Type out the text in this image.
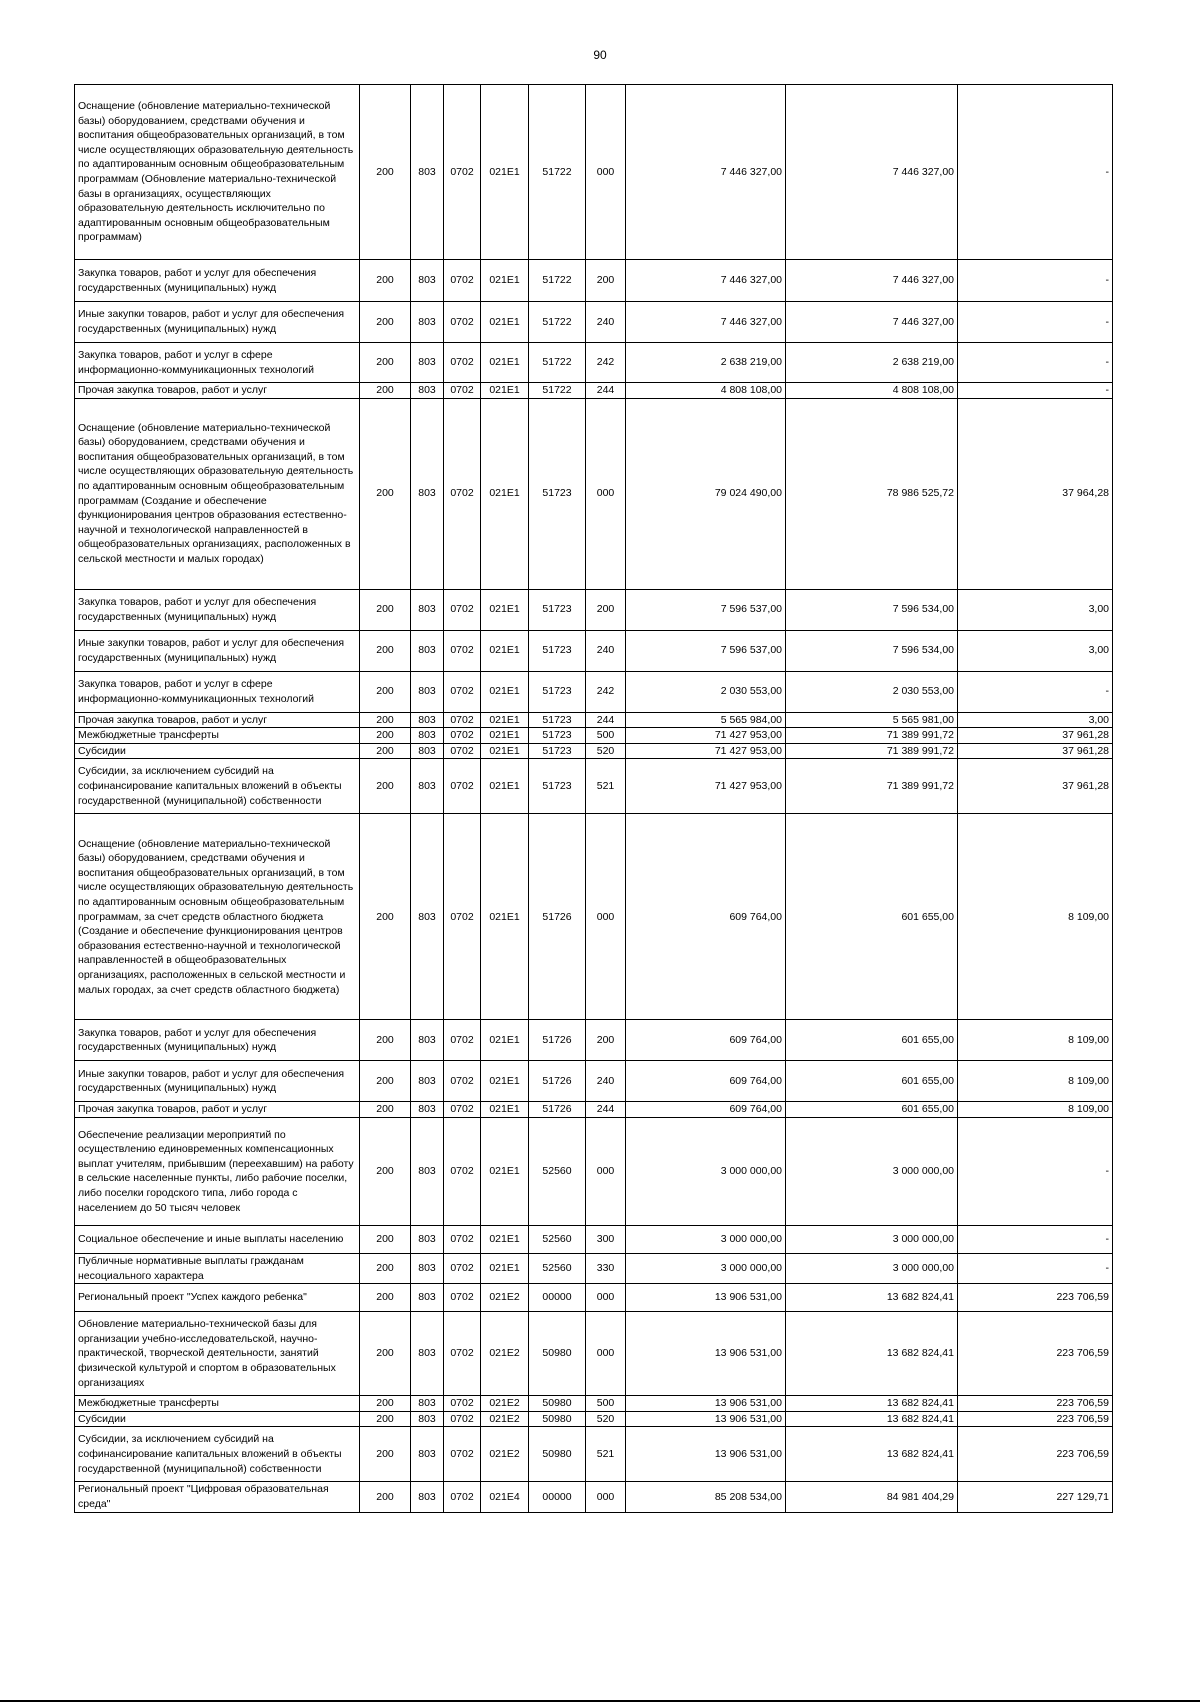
90
Оснащение (обновление материально-технической базы) оборудованием, средствами обучения и воспитания общеобразовательных организаций, в том числе осуществляющих образовательную деятельность по адаптированным основным общеобразовательным программам (Обновление материально-технической базы в организациях, осуществляющих образовательную деятельность исключительно по адаптированным основным общеобразовательным программам)	200	803	0702	021E1	51722	000	7 446 327,00	7 446 327,00	-
Закупка товаров, работ и услуг для обеспечения государственных (муниципальных) нужд	200	803	0702	021E1	51722	200	7 446 327,00	7 446 327,00	-
Иные закупки товаров, работ и услуг для обеспечения государственных (муниципальных) нужд	200	803	0702	021E1	51722	240	7 446 327,00	7 446 327,00	-
Закупка товаров, работ и услуг в сфере информационно-коммуникационных технологий	200	803	0702	021E1	51722	242	2 638 219,00	2 638 219,00	-
Прочая закупка товаров, работ и услуг	200	803	0702	021E1	51722	244	4 808 108,00	4 808 108,00	-
Оснащение (обновление материально-технической базы) оборудованием, средствами обучения и воспитания общеобразовательных организаций, в том числе осуществляющих образовательную деятельность по адаптированным основным общеобразовательным программам (Создание и обеспечение функционирования центров образования естественно-научной и технологической направленностей в общеобразовательных организациях, расположенных в сельской местности и малых городах)	200	803	0702	021E1	51723	000	79 024 490,00	78 986 525,72	37 964,28
Закупка товаров, работ и услуг для обеспечения государственных (муниципальных) нужд	200	803	0702	021E1	51723	200	7 596 537,00	7 596 534,00	3,00
Иные закупки товаров, работ и услуг для обеспечения государственных (муниципальных) нужд	200	803	0702	021E1	51723	240	7 596 537,00	7 596 534,00	3,00
Закупка товаров, работ и услуг в сфере информационно-коммуникационных технологий	200	803	0702	021E1	51723	242	2 030 553,00	2 030 553,00	-
Прочая закупка товаров, работ и услуг	200	803	0702	021E1	51723	244	5 565 984,00	5 565 981,00	3,00
Межбюджетные трансферты	200	803	0702	021E1	51723	500	71 427 953,00	71 389 991,72	37 961,28
Субсидии	200	803	0702	021E1	51723	520	71 427 953,00	71 389 991,72	37 961,28
Субсидии, за исключением субсидий на софинансирование капитальных вложений в объекты государственной (муниципальной) собственности	200	803	0702	021E1	51723	521	71 427 953,00	71 389 991,72	37 961,28
Оснащение (обновление материально-технической базы) оборудованием, средствами обучения и воспитания общеобразовательных организаций, в том числе осуществляющих образовательную деятельность по адаптированным основным общеобразовательным программам, за счет средств областного бюджета (Создание и обеспечение функционирования центров образования естественно-научной и технологической направленностей в общеобразовательных организациях, расположенных в сельской местности и малых городах, за счет средств областного бюджета)	200	803	0702	021E1	51726	000	609 764,00	601 655,00	8 109,00
Закупка товаров, работ и услуг для обеспечения государственных (муниципальных) нужд	200	803	0702	021E1	51726	200	609 764,00	601 655,00	8 109,00
Иные закупки товаров, работ и услуг для обеспечения государственных (муниципальных) нужд	200	803	0702	021E1	51726	240	609 764,00	601 655,00	8 109,00
Прочая закупка товаров, работ и услуг	200	803	0702	021E1	51726	244	609 764,00	601 655,00	8 109,00
Обеспечение реализации мероприятий по осуществлению единовременных компенсационных выплат учителям, прибывшим (переехавшим) на работу в сельские населенные пункты, либо рабочие поселки, либо поселки городского типа, либо города с населением до 50 тысяч человек	200	803	0702	021E1	52560	000	3 000 000,00	3 000 000,00	-
Социальное обеспечение и иные выплаты населению	200	803	0702	021E1	52560	300	3 000 000,00	3 000 000,00	-
Публичные нормативные выплаты гражданам несоциального характера	200	803	0702	021E1	52560	330	3 000 000,00	3 000 000,00	-
Региональный проект "Успех каждого ребенка"	200	803	0702	021E2	00000	000	13 906 531,00	13 682 824,41	223 706,59
Обновление материально-технической базы для организации учебно-исследовательской, научно-практической, творческой деятельности, занятий физической культурой и спортом в образовательных организациях	200	803	0702	021E2	50980	000	13 906 531,00	13 682 824,41	223 706,59
Межбюджетные трансферты	200	803	0702	021E2	50980	500	13 906 531,00	13 682 824,41	223 706,59
Субсидии	200	803	0702	021E2	50980	520	13 906 531,00	13 682 824,41	223 706,59
Субсидии, за исключением субсидий на софинансирование капитальных вложений в объекты государственной (муниципальной) собственности	200	803	0702	021E2	50980	521	13 906 531,00	13 682 824,41	223 706,59
Региональный проект "Цифровая образовательная среда"	200	803	0702	021E4	00000	000	85 208 534,00	84 981 404,29	227 129,71
